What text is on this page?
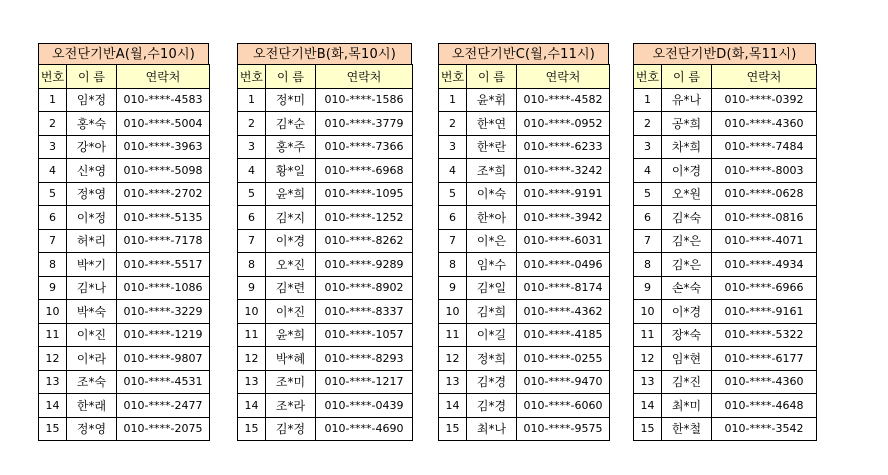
오전단기반A(월,수10시)
번호	이 름	연락처
1	임*정	010-****-4583
2	홍*숙	010-****-5004
3	강*아	010-****-3963
4	신*영	010-****-5098
5	정*영	010-****-2702
6	이*정	010-****-5135
7	허*리	010-****-7178
8	박*기	010-****-5517
9	김*나	010-****-1086
10	박*숙	010-****-3229
11	이*진	010-****-1219
12	이*라	010-****-9807
13	조*숙	010-****-4531
14	한*래	010-****-2477
15	정*영	010-****-2075
오전단기반B(화,목10시)
번호	이 름	연락처
1	정*미	010-****-1586
2	김*순	010-****-3779
3	홍*주	010-****-7366
4	황*일	010-****-6968
5	윤*희	010-****-1095
6	김*지	010-****-1252
7	이*경	010-****-8262
8	오*진	010-****-9289
9	김*련	010-****-8902
10	이*진	010-****-8337
11	윤*희	010-****-1057
12	박*혜	010-****-8293
13	조*미	010-****-1217
14	조*라	010-****-0439
15	김*정	010-****-4690
오전단기반C(월,수11시)
번호	이 름	연락처
1	윤*휘	010-****-4582
2	한*연	010-****-0952
3	한*란	010-****-6233
4	조*희	010-****-3242
5	이*숙	010-****-9191
6	한*아	010-****-3942
7	이*은	010-****-6031
8	임*수	010-****-0496
9	김*일	010-****-8174
10	김*희	010-****-4362
11	이*길	010-****-4185
12	정*희	010-****-0255
13	김*경	010-****-9470
14	김*경	010-****-6060
15	최*나	010-****-9575
오전단기반D(화,목11시)
번호	이 름	연락처
1	유*나	010-****-0392
2	공*희	010-****-4360
3	차*희	010-****-7484
4	이*경	010-****-8003
5	오*원	010-****-0628
6	김*숙	010-****-0816
7	김*은	010-****-4071
8	김*은	010-****-4934
9	손*숙	010-****-6966
10	이*경	010-****-9161
11	장*숙	010-****-5322
12	임*현	010-****-6177
13	김*진	010-****-4360
14	최*미	010-****-4648
15	한*철	010-****-3542
